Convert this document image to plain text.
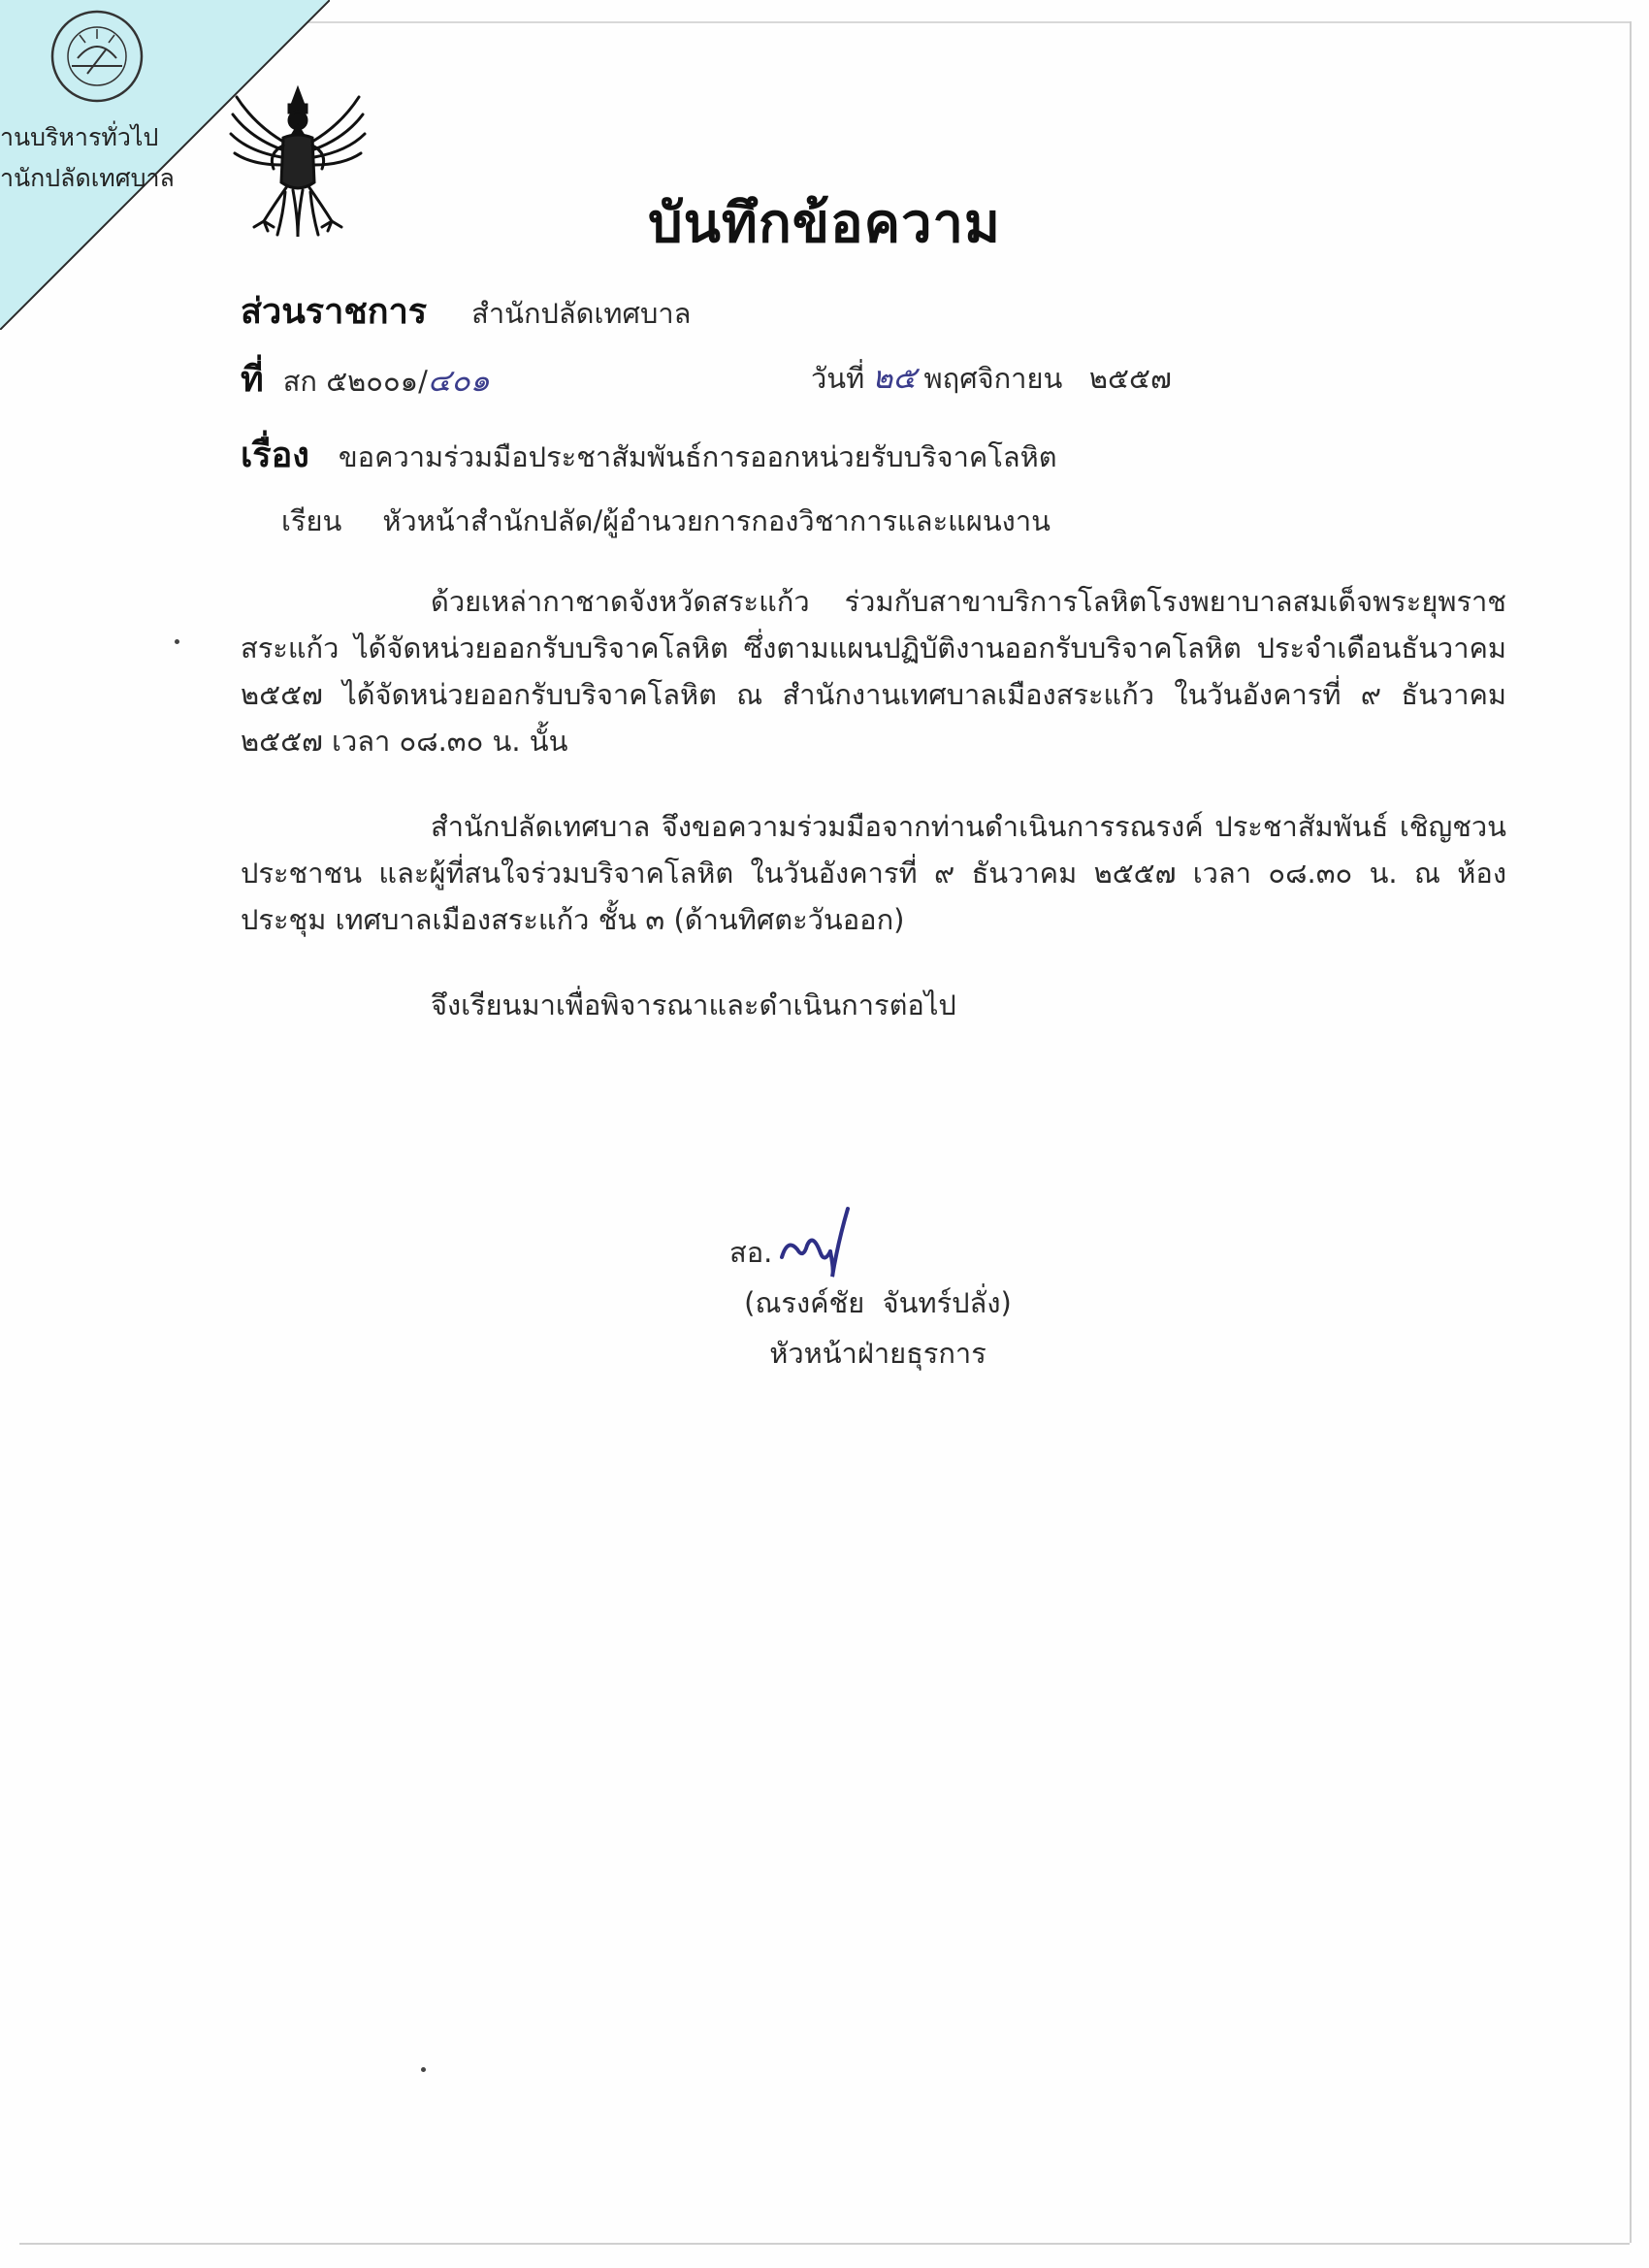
านบริหารทั่วไป
านักปลัดเทศบาล
บันทึกข้อความ
ส่วนราชการ สำนักปลัดเทศบาล
ที่ สก ๕๒๐๐๑/๔๐๑	วันที่ ๒๕ พฤศจิกายน   ๒๕๕๗
เรื่อง ขอความร่วมมือประชาสัมพันธ์การออกหน่วยรับบริจาคโลหิต
เรียน หัวหน้าสำนักปลัด/ผู้อำนวยการกองวิชาการและแผนงาน
ด้วยเหล่ากาชาดจังหวัดสระแก้ว ร่วมกับสาขาบริการโลหิตโรงพยาบาลสมเด็จพระยุพราช สระแก้ว ได้จัดหน่วยออกรับบริจาคโลหิต ซึ่งตามแผนปฏิบัติงานออกรับบริจาคโลหิต ประจำเดือนธันวาคม ๒๕๕๗ ได้จัดหน่วยออกรับบริจาคโลหิต ณ สำนักงานเทศบาลเมืองสระแก้ว ในวันอังคารที่ ๙ ธันวาคม ๒๕๕๗ เวลา ๐๘.๓๐ น. นั้น
สำนักปลัดเทศบาล จึงขอความร่วมมือจากท่านดำเนินการรณรงค์ ประชาสัมพันธ์ เชิญชวน ประชาชน และผู้ที่สนใจร่วมบริจาคโลหิต ในวันอังคารที่ ๙ ธันวาคม ๒๕๕๗ เวลา ๐๘.๓๐ น. ณ ห้องประชุม เทศบาลเมืองสระแก้ว ชั้น ๓ (ด้านทิศตะวันออก)
จึงเรียนมาเพื่อพิจารณาและดำเนินการต่อไป
สอ.
(ณรงค์ชัย  จันทร์ปลั่ง)
หัวหน้าฝ่ายธุรการ
